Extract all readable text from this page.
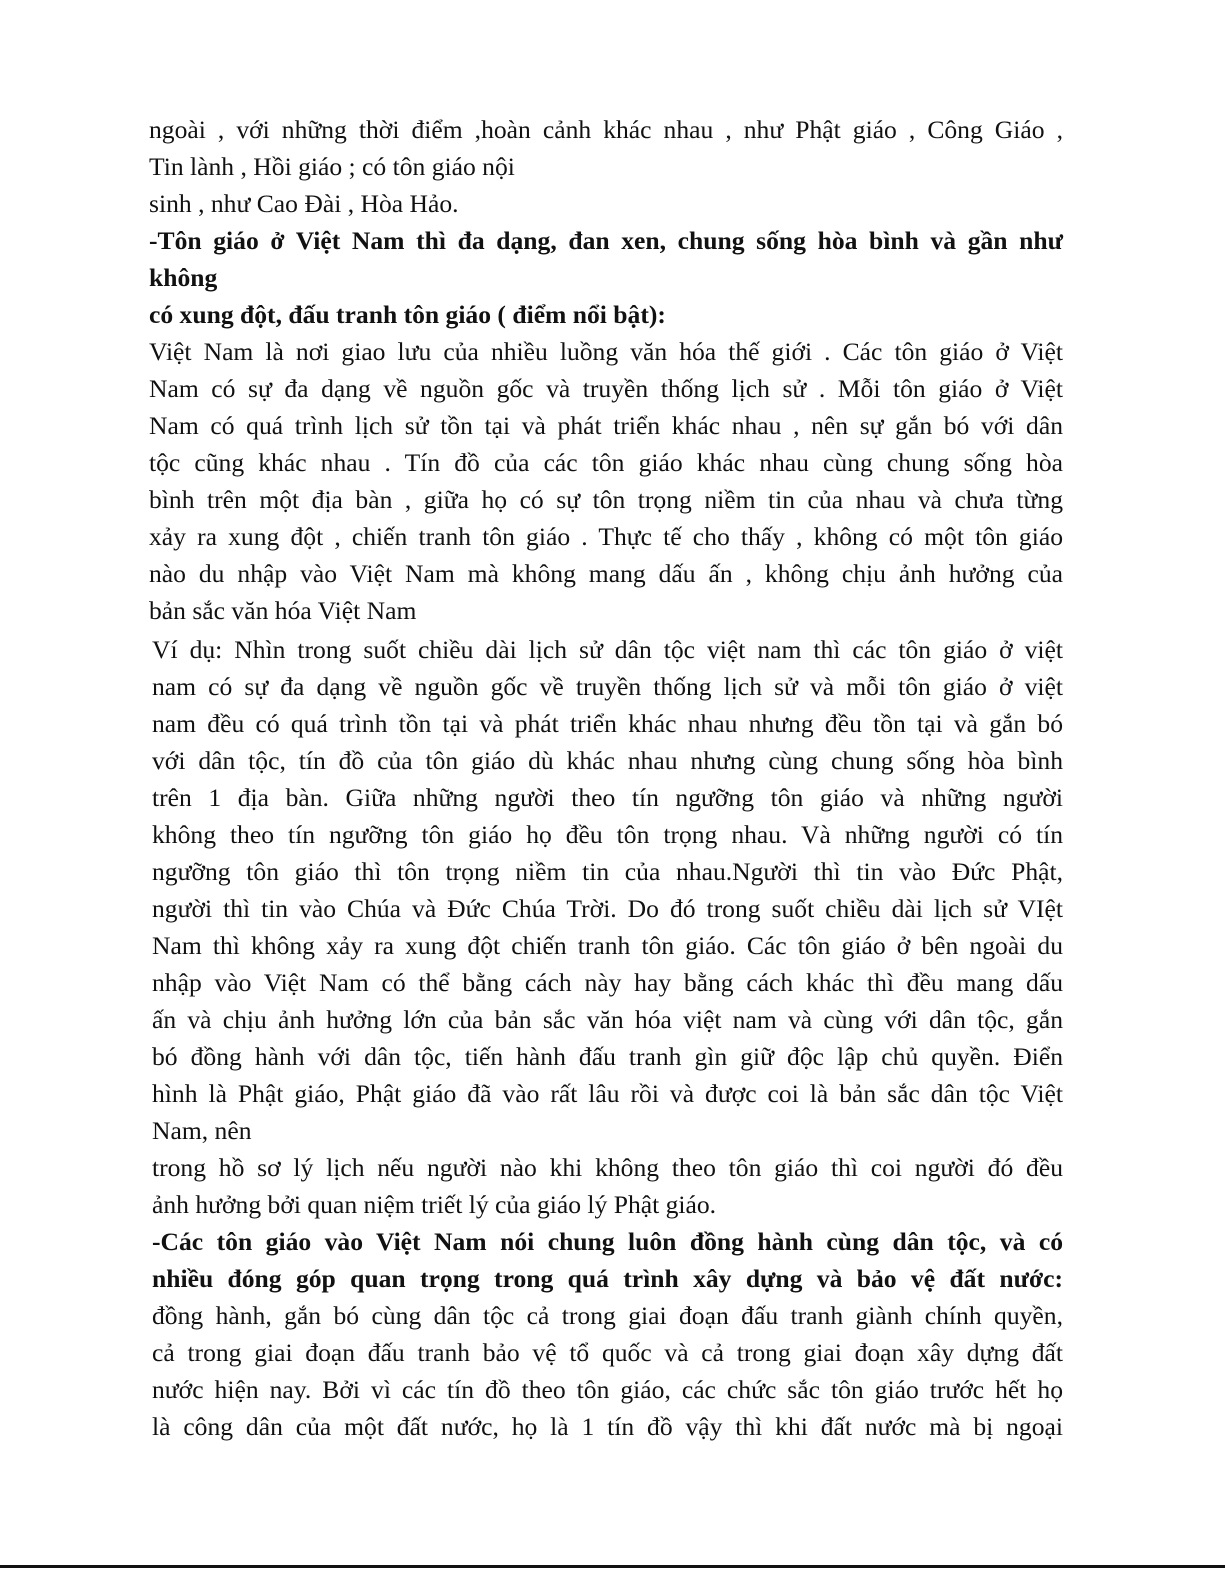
ngoài , với những thời điểm ,hoàn cảnh khác nhau , như Phật giáo , Công Giáo ,
Tin lành , Hồi giáo ; có tôn giáo nội
sinh , như Cao Đài , Hòa Hảo.
-Tôn giáo ở Việt Nam thì đa dạng, đan xen, chung sống hòa bình và gần như
không
có xung đột, đấu tranh tôn giáo ( điểm nổi bật):
Việt Nam là nơi giao lưu của nhiều luồng văn hóa thế giới . Các tôn giáo ở Việt
Nam có sự đa dạng về nguồn gốc và truyền thống lịch sử . Mỗi tôn giáo ở Việt
Nam có quá trình lịch sử tồn tại và phát triển khác nhau , nên sự gắn bó với dân
tộc cũng khác nhau . Tín đồ của các tôn giáo khác nhau cùng chung sống hòa
bình trên một địa bàn , giữa họ có sự tôn trọng niềm tin của nhau và chưa từng
xảy ra xung đột , chiến tranh tôn giáo . Thực tế cho thấy , không có một tôn giáo
nào du nhập vào Việt Nam mà không mang dấu ấn , không chịu ảnh hưởng của
bản sắc văn hóa Việt Nam
Ví dụ: Nhìn trong suốt chiều dài lịch sử dân tộc việt nam thì các tôn giáo ở việt
nam có sự đa dạng về nguồn gốc về truyền thống lịch sử và mỗi tôn giáo ở việt
nam đều có quá trình tồn tại và phát triển khác nhau nhưng đều tồn tại và gắn bó
với dân tộc, tín đồ của tôn giáo dù khác nhau nhưng cùng chung sống hòa bình
trên 1 địa bàn. Giữa những người theo tín ngưỡng tôn giáo và những người
không theo tín ngưỡng tôn giáo họ đều tôn trọng nhau. Và những người có tín
ngưỡng tôn giáo thì tôn trọng niềm tin của nhau.Người thì tin vào Đức Phật,
người thì tin vào Chúa và Đức Chúa Trời. Do đó trong suốt chiều dài lịch sử VIệt
Nam thì không xảy ra xung đột chiến tranh tôn giáo. Các tôn giáo ở bên ngoài du
nhập vào Việt Nam có thể bằng cách này hay bằng cách khác thì đều mang dấu
ấn và chịu ảnh hưởng lớn của bản sắc văn hóa việt nam và cùng với dân tộc, gắn
bó đồng hành với dân tộc, tiến hành đấu tranh gìn giữ độc lập chủ quyền. Điển
hình là Phật giáo, Phật giáo đã vào rất lâu rồi và được coi là bản sắc dân tộc Việt
Nam, nên
trong hồ sơ lý lịch nếu người nào khi không theo tôn giáo thì coi người đó đều
ảnh hưởng bởi quan niệm triết lý của giáo lý Phật giáo.
-Các tôn giáo vào Việt Nam nói chung luôn đồng hành cùng dân tộc, và có
nhiều đóng góp quan trọng trong quá trình xây dựng và bảo vệ đất nước:
đồng hành, gắn bó cùng dân tộc cả trong giai đoạn đấu tranh giành chính quyền,
cả trong giai đoạn đấu tranh bảo vệ tổ quốc và cả trong giai đoạn xây dựng đất
nước hiện nay. Bởi vì các tín đồ theo tôn giáo, các chức sắc tôn giáo trước hết họ
là công dân của một đất nước, họ là 1 tín đồ vậy thì khi đất nước mà bị ngoại
